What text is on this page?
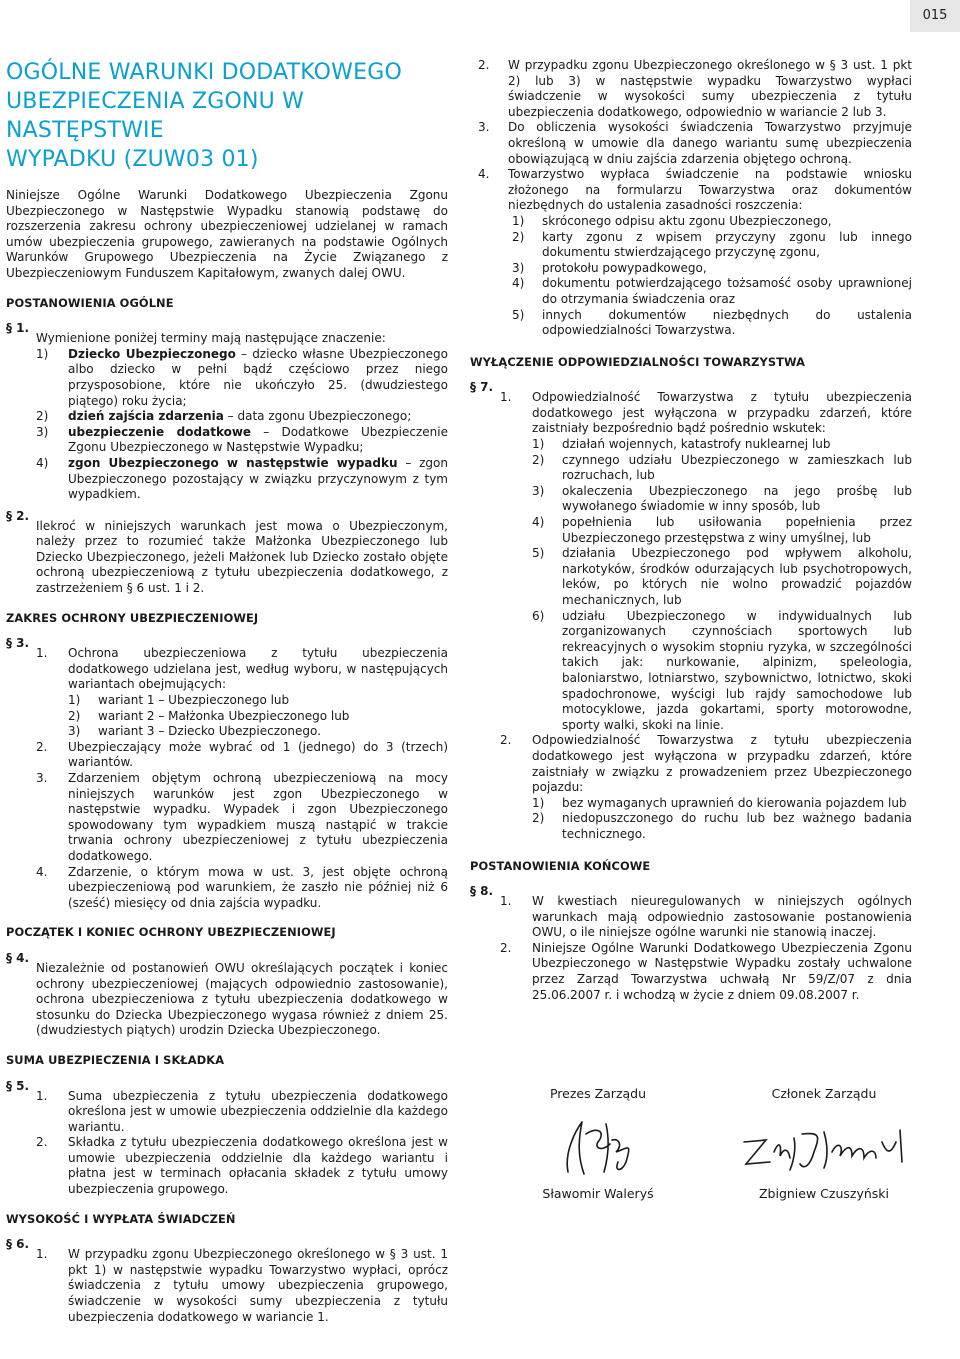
015
OGÓLNE WARUNKI DODATKOWEGO
UBEZPIECZENIA ZGONU W NASTĘPSTWIE
WYPADKU (ZUW03 01)

Niniejsze Ogólne Warunki Dodatkowego Ubezpieczenia Zgonu Ubezpieczonego w Następstwie Wypadku stanowią podstawę do rozszerzenia zakresu ochrony ubezpieczeniowej udzielanej w ramach umów ubezpieczenia grupowego, zawieranych na podstawie Ogólnych Warunków Grupowego Ubezpieczenia na Życie Związanego z Ubezpieczeniowym Funduszem Kapitałowym, zwanych dalej OWU.

POSTANOWIENIA OGÓLNE
§ 1.

Wymienione poniżej terminy mają następujące znaczenie:

1) Dziecko Ubezpieczonego – dziecko własne Ubezpieczonego albo dziecko w pełni bądź częściowo przez niego przysposobione, które nie ukończyło 25. (dwudziestego piątego) roku życia;

2) dzień zajścia zdarzenia – data zgonu Ubezpieczonego;

3) ubezpieczenie dodatkowe – Dodatkowe Ubezpieczenie Zgonu Ubezpieczonego w Następstwie Wypadku;

4) zgon Ubezpieczonego w następstwie wypadku – zgon Ubezpieczonego pozostający w związku przyczynowym z tym wypadkiem.

§ 2.

Ilekroć w niniejszych warunkach jest mowa o Ubezpieczonym, należy przez to rozumieć także Małżonka Ubezpieczonego lub Dziecko Ubezpieczonego, jeżeli Małżonek lub Dziecko zostało objęte ochroną ubezpieczeniową z tytułu ubezpieczenia dodatkowego, z zastrzeżeniem § 6 ust. 1 i 2.

ZAKRES OCHRONY UBEZPIECZENIOWEJ
§ 3.

1. Ochrona ubezpieczeniowa z tytułu ubezpieczenia dodatkowego udzielana jest, według wyboru, w następujących wariantach obejmujących:

1) wariant 1 – Ubezpieczonego lub

2) wariant 2 – Małżonka Ubezpieczonego lub

3) wariant 3 – Dziecko Ubezpieczonego.

2. Ubezpieczający może wybrać od 1 (jednego) do 3 (trzech) wariantów.

3. Zdarzeniem objętym ochroną ubezpieczeniową na mocy niniejszych warunków jest zgon Ubezpieczonego w następstwie wypadku. Wypadek i zgon Ubezpieczonego spowodowany tym wypadkiem muszą nastąpić w trakcie trwania ochrony ubezpieczeniowej z tytułu ubezpieczenia dodatkowego.

4. Zdarzenie, o którym mowa w ust. 3, jest objęte ochroną ubezpieczeniową pod warunkiem, że zaszło nie później niż 6 (sześć) miesięcy od dnia zajścia wypadku.

POCZĄTEK I KONIEC OCHRONY UBEZPIECZENIOWEJ
§ 4.

Niezależnie od postanowień OWU określających początek i koniec ochrony ubezpieczeniowej (mających odpowiednio zastosowanie), ochrona ubezpieczeniowa z tytułu ubezpieczenia dodatkowego w stosunku do Dziecka Ubezpieczonego wygasa również z dniem 25. (dwudziestych piątych) urodzin Dziecka Ubezpieczonego.

SUMA UBEZPIECZENIA I SKŁADKA
§ 5.

1. Suma ubezpieczenia z tytułu ubezpieczenia dodatkowego określona jest w umowie ubezpieczenia oddzielnie dla każdego wariantu.

2. Składka z tytułu ubezpieczenia dodatkowego określona jest w umowie ubezpieczenia oddzielnie dla każdego wariantu i płatna jest w terminach opłacania składek z tytułu umowy ubezpieczenia grupowego.

WYSOKOŚĆ I WYPŁATA ŚWIADCZEŃ
§ 6.

1. W przypadku zgonu Ubezpieczonego określonego w § 3 ust. 1 pkt 1) w następstwie wypadku Towarzystwo wypłaci, oprócz świadczenia z tytułu umowy ubezpieczenia grupowego, świadczenie w wysokości sumy ubezpieczenia z tytułu ubezpieczenia dodatkowego w wariancie 1.

2. W przypadku zgonu Ubezpieczonego określonego w § 3 ust. 1 pkt 2) lub 3) w następstwie wypadku Towarzystwo wypłaci świadczenie w wysokości sumy ubezpieczenia z tytułu ubezpieczenia dodatkowego, odpowiednio w wariancie 2 lub 3.

3. Do obliczenia wysokości świadczenia Towarzystwo przyjmuje określoną w umowie dla danego wariantu sumę ubezpieczenia obowiązującą w dniu zajścia zdarzenia objętego ochroną.

4. Towarzystwo wypłaca świadczenie na podstawie wniosku złożonego na formularzu Towarzystwa oraz dokumentów niezbędnych do ustalenia zasadności roszczenia:

1) skróconego odpisu aktu zgonu Ubezpieczonego,

2) karty zgonu z wpisem przyczyny zgonu lub innego dokumentu stwierdzającego przyczynę zgonu,

3) protokołu powypadkowego,

4) dokumentu potwierdzającego tożsamość osoby uprawnionej do otrzymania świadczenia oraz

5) innych dokumentów niezbędnych do ustalenia odpowiedzialności Towarzystwa.

WYŁĄCZENIE ODPOWIEDZIALNOŚCI TOWARZYSTWA
§ 7.

1. Odpowiedzialność Towarzystwa z tytułu ubezpieczenia dodatkowego jest wyłączona w przypadku zdarzeń, które zaistniały bezpośrednio bądź pośrednio wskutek:

1) działań wojennych, katastrofy nuklearnej lub

2) czynnego udziału Ubezpieczonego w zamieszkach lub rozruchach, lub

3) okaleczenia Ubezpieczonego na jego prośbę lub wywołanego świadomie w inny sposób, lub

4) popełnienia lub usiłowania popełnienia przez Ubezpieczonego przestępstwa z winy umyślnej, lub

5) działania Ubezpieczonego pod wpływem alkoholu, narkotyków, środków odurzających lub psychotropowych, leków, po których nie wolno prowadzić pojazdów mechanicznych, lub

6) udziału Ubezpieczonego w indywidualnych lub zorganizowanych czynnościach sportowych lub rekreacyjnych o wysokim stopniu ryzyka, w szczególności takich jak: nurkowanie, alpinizm, speleologia, baloniarstwo, lotniarstwo, szybownictwo, lotnictwo, skoki spadochronowe, wyścigi lub rajdy samochodowe lub motocyklowe, jazda gokartami, sporty motorowodne, sporty walki, skoki na linie.

2. Odpowiedzialność Towarzystwa z tytułu ubezpieczenia dodatkowego jest wyłączona w przypadku zdarzeń, które zaistniały w związku z prowadzeniem przez Ubezpieczonego pojazdu:

1) bez wymaganych uprawnień do kierowania pojazdem lub

2) niedopuszczonego do ruchu lub bez ważnego badania technicznego.

POSTANOWIENIA KOŃCOWE
§ 8.

1. W kwestiach nieuregulowanych w niniejszych ogólnych warunkach mają odpowiednio zastosowanie postanowienia OWU, o ile niniejsze ogólne warunki nie stanowią inaczej.

2. Niniejsze Ogólne Warunki Dodatkowego Ubezpieczenia Zgonu Ubezpieczonego w Następstwie Wypadku zostały uchwalone przez Zarząd Towarzystwa uchwałą Nr 59/Z/07 z dnia 25.06.2007 r. i wchodzą w życie z dniem 09.08.2007 r.

Prezes Zarządu
Sławomir Waleryś
Członek Zarządu
Zbigniew Czuszyński
